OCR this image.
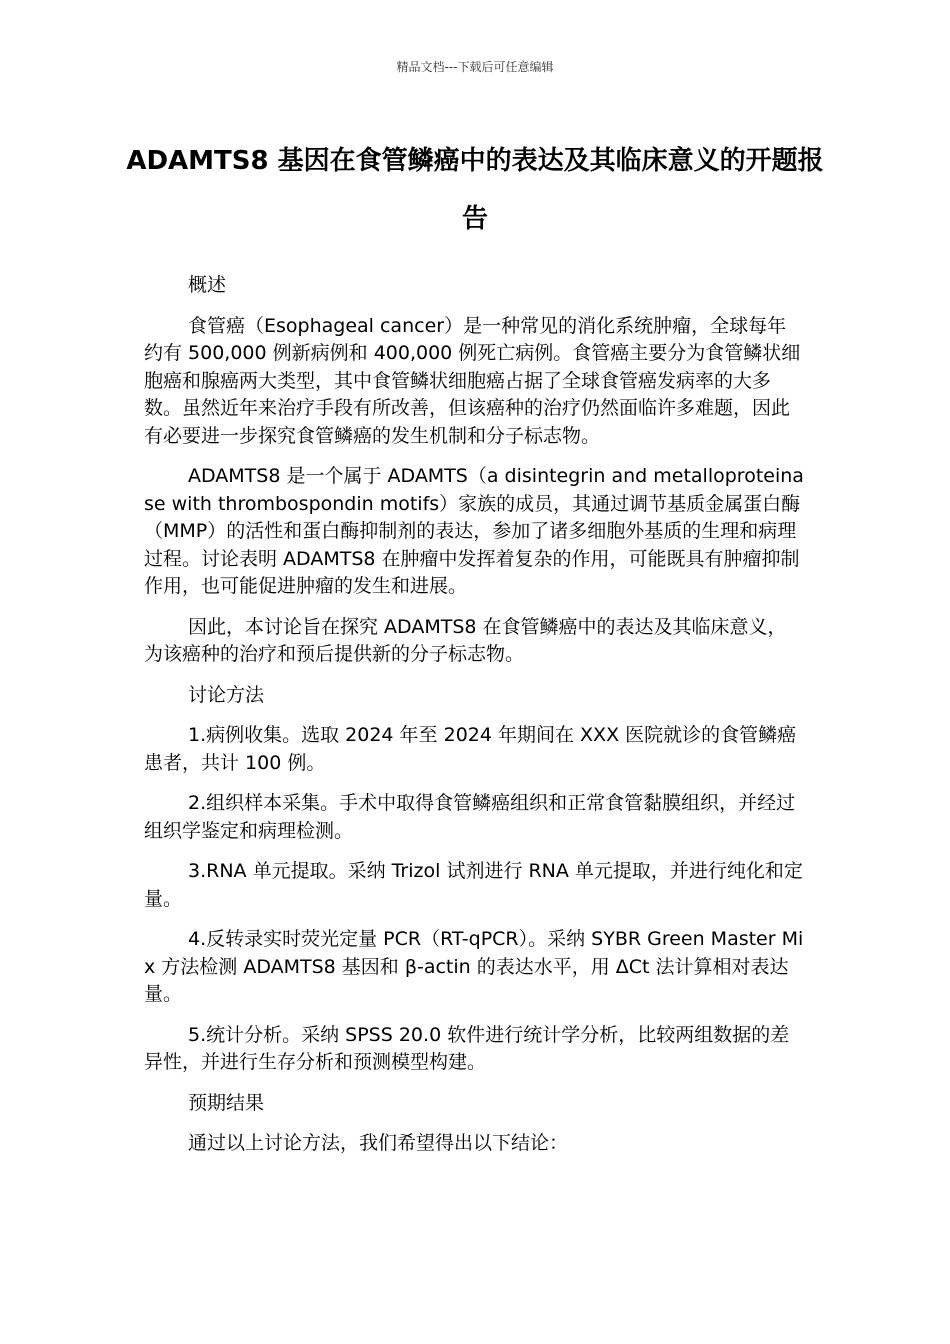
精品文档---下载后可任意编辑
ADAMTS8 基因在食管鳞癌中的表达及其临床意义的开题报告

概述

食管癌（Esophageal cancer）是一种常见的消化系统肿瘤，全球每年约有 500,000 例新病例和 400,000 例死亡病例。食管癌主要分为食管鳞状细胞癌和腺癌两大类型，其中食管鳞状细胞癌占据了全球食管癌发病率的大多数。虽然近年来治疗手段有所改善，但该癌种的治疗仍然面临许多难题，因此有必要进一步探究食管鳞癌的发生机制和分子标志物。

ADAMTS8 是一个属于 ADAMTS（a disintegrin and metalloproteinase with thrombospondin motifs）家族的成员，其通过调节基质金属蛋白酶（MMP）的活性和蛋白酶抑制剂的表达，参加了诸多细胞外基质的生理和病理过程。讨论表明 ADAMTS8 在肿瘤中发挥着复杂的作用，可能既具有肿瘤抑制作用，也可能促进肿瘤的发生和进展。

因此，本讨论旨在探究 ADAMTS8 在食管鳞癌中的表达及其临床意义，为该癌种的治疗和预后提供新的分子标志物。

讨论方法

1.病例收集。选取 2024 年至 2024 年期间在 XXX 医院就诊的食管鳞癌患者，共计 100 例。

2.组织样本采集。手术中取得食管鳞癌组织和正常食管黏膜组织，并经过组织学鉴定和病理检测。

3.RNA 单元提取。采纳 Trizol 试剂进行 RNA 单元提取，并进行纯化和定量。

4.反转录实时荧光定量 PCR（RT-qPCR）。采纳 SYBR Green Master Mix 方法检测 ADAMTS8 基因和 β-actin 的表达水平，用 ΔCt 法计算相对表达量。

5.统计分析。采纳 SPSS 20.0 软件进行统计学分析，比较两组数据的差异性，并进行生存分析和预测模型构建。

预期结果

通过以上讨论方法，我们希望得出以下结论：
